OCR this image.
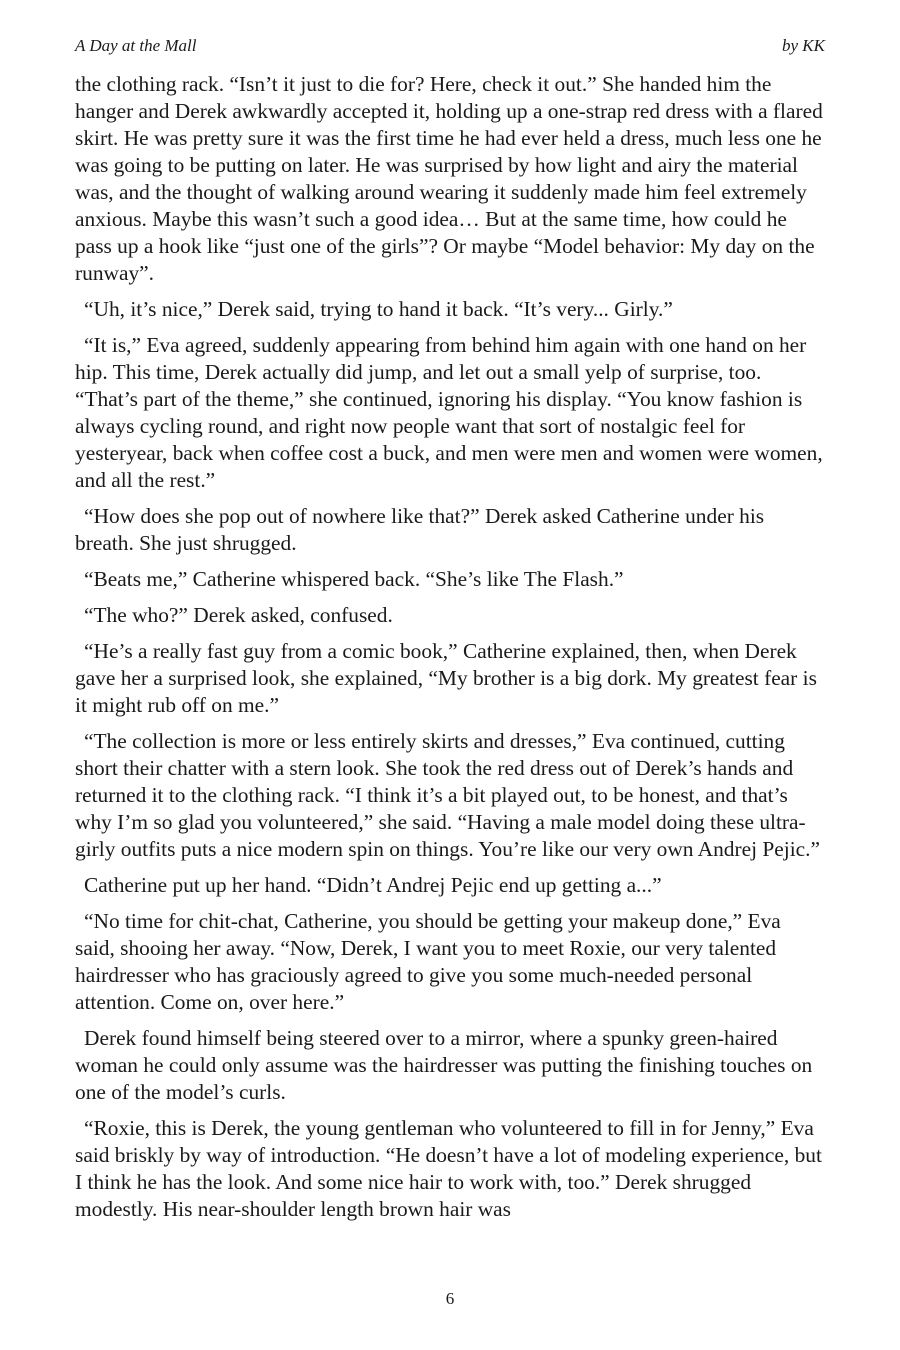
A Day at the Mall	by KK

the clothing rack. “Isn’t it just to die for? Here, check it out.” She handed him the hanger and Derek awkwardly accepted it, holding up a one-strap red dress with a flared skirt. He was pretty sure it was the first time he had ever held a dress, much less one he was going to be putting on later. He was surprised by how light and airy the material was, and the thought of walking around wearing it suddenly made him feel extremely anxious. Maybe this wasn’t such a good idea… But at the same time, how could he pass up a hook like “just one of the girls”? Or maybe “Model behavior: My day on the runway”.

“Uh, it’s nice,” Derek said, trying to hand it back. “It’s very... Girly.”

“It is,” Eva agreed, suddenly appearing from behind him again with one hand on her hip. This time, Derek actually did jump, and let out a small yelp of surprise, too. “That’s part of the theme,” she continued, ignoring his display. “You know fashion is always cycling round, and right now people want that sort of nostalgic feel for yesteryear, back when coffee cost a buck, and men were men and women were women, and all the rest.”

“How does she pop out of nowhere like that?” Derek asked Catherine under his breath. She just shrugged.

“Beats me,” Catherine whispered back. “She’s like The Flash.”

“The who?” Derek asked, confused.

“He’s a really fast guy from a comic book,” Catherine explained, then, when Derek gave her a surprised look, she explained, “My brother is a big dork. My greatest fear is it might rub off on me.”

“The collection is more or less entirely skirts and dresses,” Eva continued, cutting short their chatter with a stern look. She took the red dress out of Derek’s hands and returned it to the clothing rack. “I think it’s a bit played out, to be honest, and that’s why I’m so glad you volunteered,” she said. “Having a male model doing these ultra-girly outfits puts a nice modern spin on things. You’re like our very own Andrej Pejic.”

Catherine put up her hand. “Didn’t Andrej Pejic end up getting a...”

“No time for chit-chat, Catherine, you should be getting your makeup done,” Eva said, shooing her away. “Now, Derek, I want you to meet Roxie, our very talented hairdresser who has graciously agreed to give you some much-needed personal attention. Come on, over here.”

Derek found himself being steered over to a mirror, where a spunky green-haired woman he could only assume was the hairdresser was putting the finishing touches on one of the model’s curls.

“Roxie, this is Derek, the young gentleman who volunteered to fill in for Jenny,” Eva said briskly by way of introduction. “He doesn’t have a lot of modeling experience, but I think he has the look. And some nice hair to work with, too.” Derek shrugged modestly. His near-shoulder length brown hair was

6
